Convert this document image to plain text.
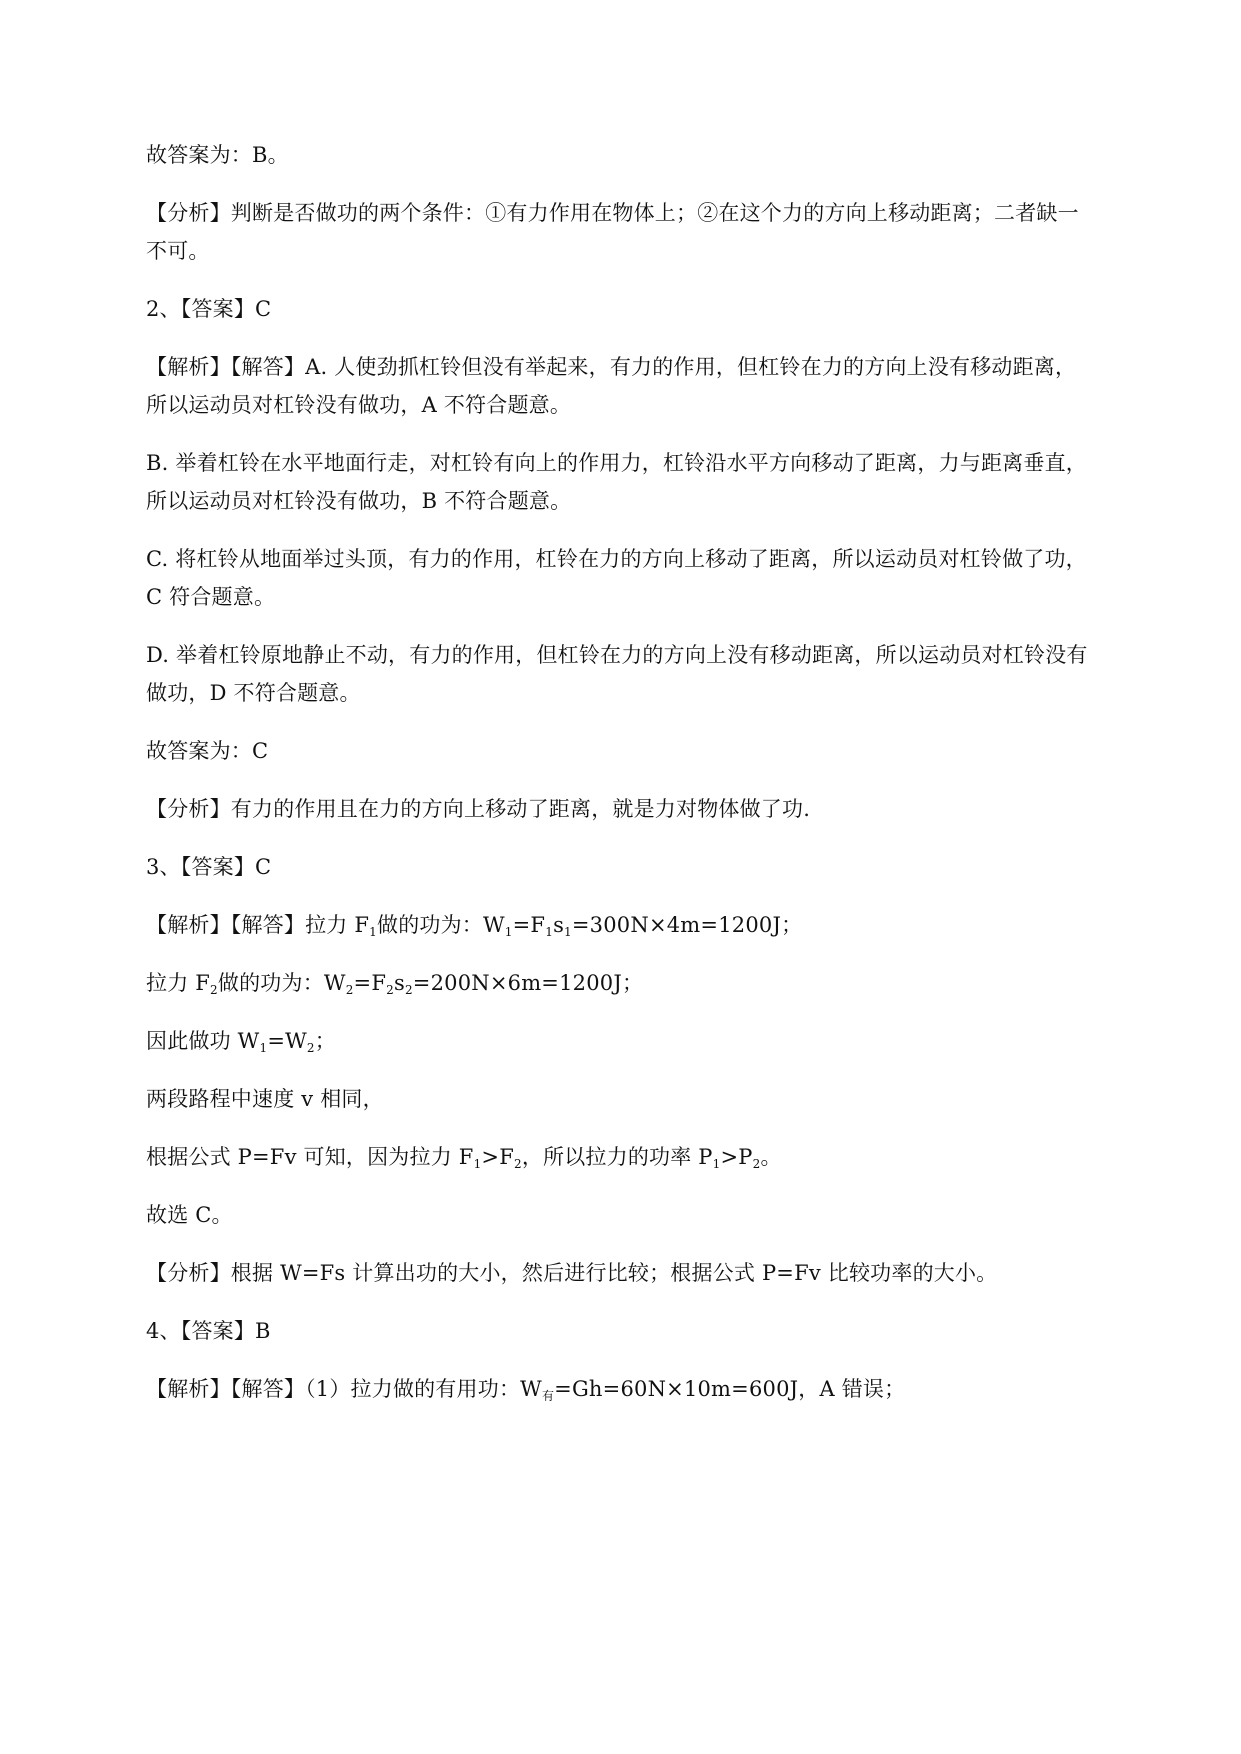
故答案为：B。
【分析】判断是否做功的两个条件：①有力作用在物体上；②在这个力的方向上移动距离；二者缺一
不可。
2、【答案】C
【解析】【解答】A. 人使劲抓杠铃但没有举起来，有力的作用，但杠铃在力的方向上没有移动距离，
所以运动员对杠铃没有做功，A 不符合题意。
B. 举着杠铃在水平地面行走，对杠铃有向上的作用力，杠铃沿水平方向移动了距离，力与距离垂直，
所以运动员对杠铃没有做功，B 不符合题意。
C. 将杠铃从地面举过头顶，有力的作用，杠铃在力的方向上移动了距离，所以运动员对杠铃做了功，
C 符合题意。
D. 举着杠铃原地静止不动，有力的作用，但杠铃在力的方向上没有移动距离，所以运动员对杠铃没有
做功，D 不符合题意。
故答案为：C
【分析】有力的作用且在力的方向上移动了距离，就是力对物体做了功.
3、【答案】C
【解析】【解答】拉力 $F_1$做的功为：$W_1=F_1s_1=300N\times 4m=1200J$；
拉力 $F_2$做的功为：$W_2=F_2s_2=200N\times 6m=1200J$；
因此做功 $W_1=W_2$；
两段路程中速度 v 相同，
根据公式 P=Fv 可知，因为拉力 $F_1>F_2$，所以拉力的功率 $P_1>P_2$。
故选 C。
【分析】根据 W=Fs 计算出功的大小，然后进行比较；根据公式 P=Fv 比较功率的大小。
4、【答案】B
【解析】【解答】（1）拉力做的有用功：$W_有=Gh=60N\times 10m=600J$，A 错误；
